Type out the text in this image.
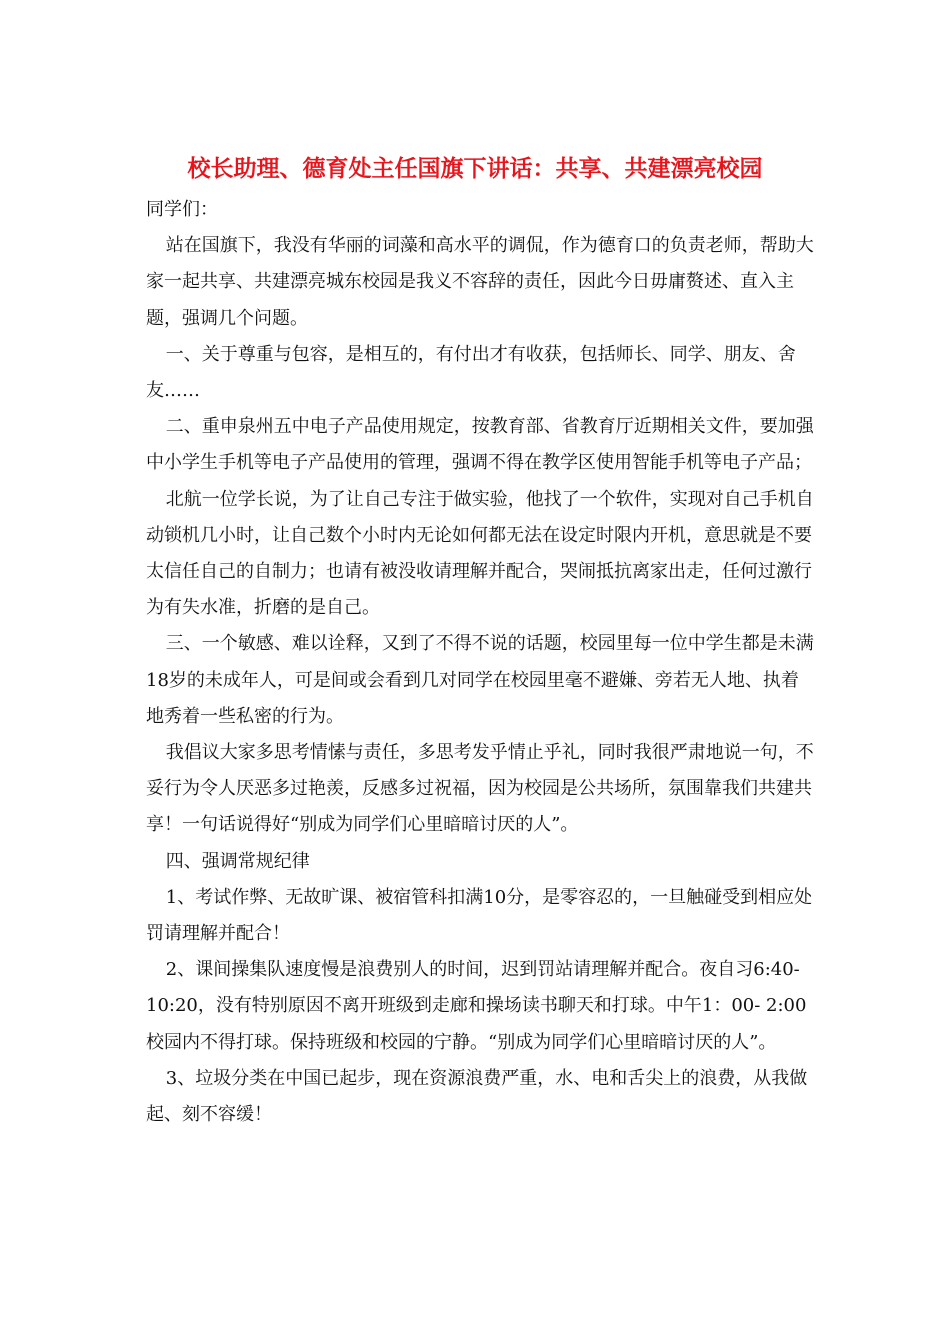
校长助理、德育处主任国旗下讲话：共享、共建漂亮校园

同学们：

站在国旗下，我没有华丽的词藻和高水平的调侃，作为德育口的负责老师，帮助大家一起共享、共建漂亮城东校园是我义不容辞的责任，因此今日毋庸赘述、直入主题，强调几个问题。

一、关于尊重与包容，是相互的，有付出才有收获，包括师长、同学、朋友、舍友……

二、重申泉州五中电子产品使用规定，按教育部、省教育厅近期相关文件，要加强中小学生手机等电子产品使用的管理，强调不得在教学区使用智能手机等电子产品；

北航一位学长说，为了让自己专注于做实验，他找了一个软件，实现对自己手机自动锁机几小时，让自己数个小时内无论如何都无法在设定时限内开机，意思就是不要太信任自己的自制力；也请有被没收请理解并配合，哭闹抵抗离家出走，任何过激行为有失水准，折磨的是自己。

三、一个敏感、难以诠释，又到了不得不说的话题，校园里每一位中学生都是未满18岁的未成年人，可是间或会看到几对同学在校园里毫不避嫌、旁若无人地、执着地秀着一些私密的行为。

我倡议大家多思考情愫与责任，多思考发乎情止乎礼，同时我很严肃地说一句，不妥行为令人厌恶多过艳羡，反感多过祝福，因为校园是公共场所，氛围靠我们共建共享！一句话说得好“别成为同学们心里暗暗讨厌的人”。

四、强调常规纪律

1、考试作弊、无故旷课、被宿管科扣满10分，是零容忍的，一旦触碰受到相应处罚请理解并配合！

2、课间操集队速度慢是浪费别人的时间，迟到罚站请理解并配合。夜自习6:40-10:20，没有特别原因不离开班级到走廊和操场读书聊天和打球。中午1：00- 2:00校园内不得打球。保持班级和校园的宁静。“别成为同学们心里暗暗讨厌的人”。

3、垃圾分类在中国已起步，现在资源浪费严重，水、电和舌尖上的浪费，从我做起、刻不容缓！
